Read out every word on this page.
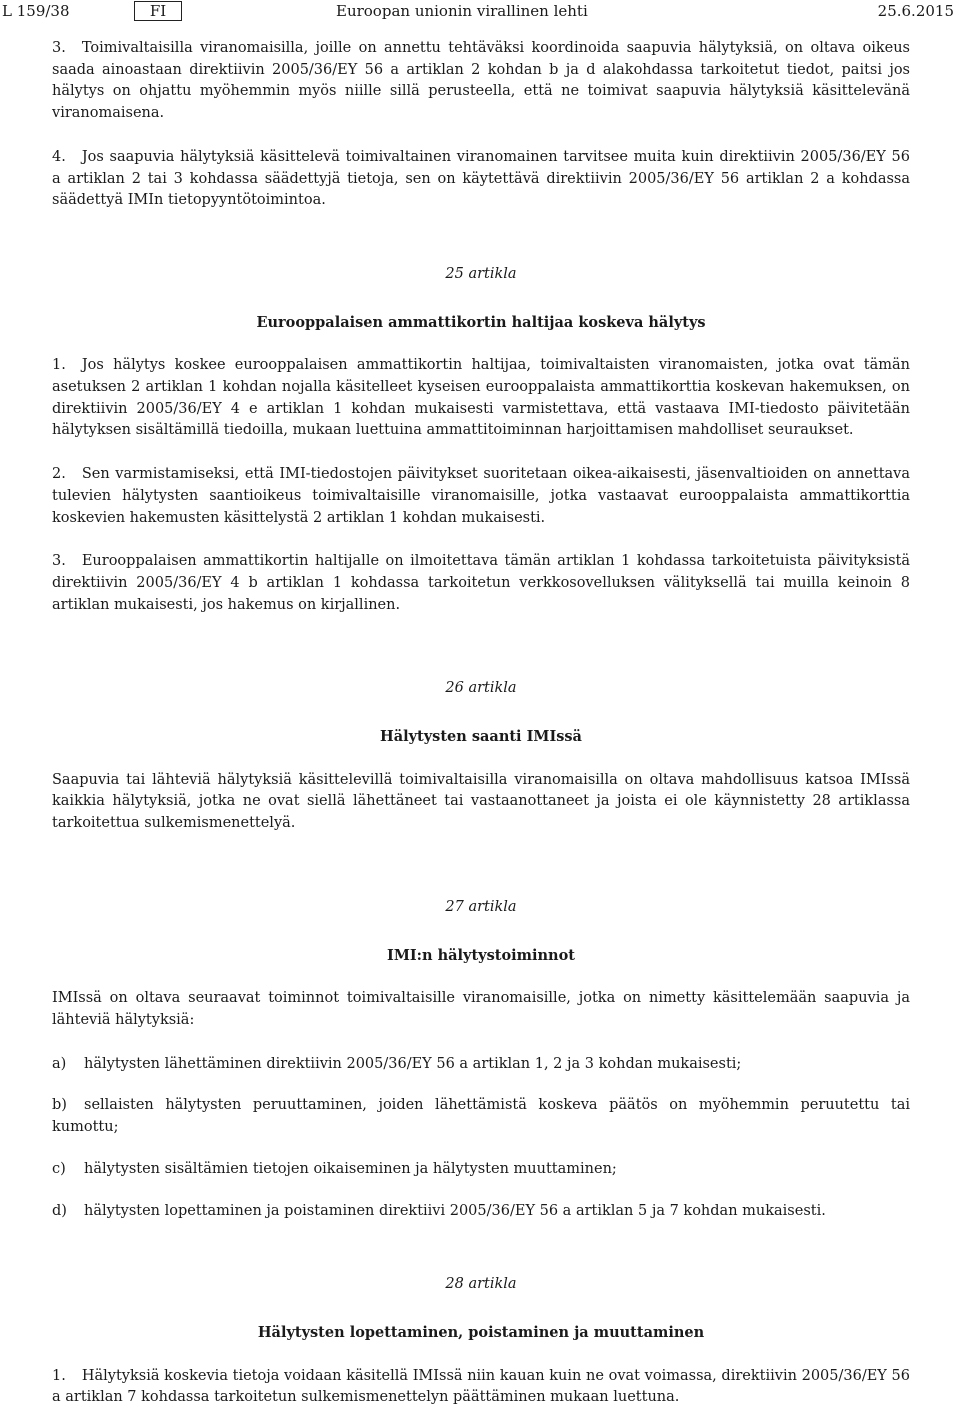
L 159/38	FI	Euroopan unionin virallinen lehti	25.6.2015

3. Toimivaltaisilla viranomaisilla, joille on annettu tehtäväksi koordinoida saapuvia hälytyksiä, on oltava oikeus saada ainoastaan direktiivin 2005/36/EY 56 a artiklan 2 kohdan b ja d alakohdassa tarkoitetut tiedot, paitsi jos hälytys on ohjattu myöhemmin myös niille sillä perusteella, että ne toimivat saapuvia hälytyksiä käsittelevänä viranomaisena.

4. Jos saapuvia hälytyksiä käsittelevä toimivaltainen viranomainen tarvitsee muita kuin direktiivin 2005/36/EY 56 a artiklan 2 tai 3 kohdassa säädettyjä tietoja, sen on käytettävä direktiivin 2005/36/EY 56 artiklan 2 a kohdassa säädettyä IMIn tietopyyntötoimintoa.

25 artikla

Eurooppalaisen ammattikortin haltijaa koskeva hälytys

1. Jos hälytys koskee eurooppalaisen ammattikortin haltijaa, toimivaltaisten viranomaisten, jotka ovat tämän asetuksen 2 artiklan 1 kohdan nojalla käsitelleet kyseisen eurooppalaista ammattikorttia koskevan hakemuksen, on direktiivin 2005/36/EY 4 e artiklan 1 kohdan mukaisesti varmistettava, että vastaava IMI-tiedosto päivitetään hälytyksen sisältämillä tiedoilla, mukaan luettuina ammattitoiminnan harjoittamisen mahdolliset seuraukset.

2. Sen varmistamiseksi, että IMI-tiedostojen päivitykset suoritetaan oikea-aikaisesti, jäsenvaltioiden on annettava tulevien hälytysten saantioikeus toimivaltaisille viranomaisille, jotka vastaavat eurooppalaista ammattikorttia koskevien hakemusten käsittelystä 2 artiklan 1 kohdan mukaisesti.

3. Eurooppalaisen ammattikortin haltijalle on ilmoitettava tämän artiklan 1 kohdassa tarkoitetuista päivityksistä direktiivin 2005/36/EY 4 b artiklan 1 kohdassa tarkoitetun verkkosovelluksen välityksellä tai muilla keinoin 8 artiklan mukaisesti, jos hakemus on kirjallinen.

26 artikla

Hälytysten saanti IMIssä

Saapuvia tai lähteviä hälytyksiä käsittelevillä toimivaltaisilla viranomaisilla on oltava mahdollisuus katsoa IMIssä kaikkia hälytyksiä, jotka ne ovat siellä lähettäneet tai vastaanottaneet ja joista ei ole käynnistetty 28 artiklassa tarkoitettua sulkemismenettelyä.

27 artikla

IMI:n hälytystoiminnot

IMIssä on oltava seuraavat toiminnot toimivaltaisille viranomaisille, jotka on nimetty käsittelemään saapuvia ja lähteviä hälytyksiä:

a) hälytysten lähettäminen direktiivin 2005/36/EY 56 a artiklan 1, 2 ja 3 kohdan mukaisesti;

b) sellaisten hälytysten peruuttaminen, joiden lähettämistä koskeva päätös on myöhemmin peruutettu tai kumottu;

c) hälytysten sisältämien tietojen oikaiseminen ja hälytysten muuttaminen;

d) hälytysten lopettaminen ja poistaminen direktiivi 2005/36/EY 56 a artiklan 5 ja 7 kohdan mukaisesti.

28 artikla

Hälytysten lopettaminen, poistaminen ja muuttaminen

1. Hälytyksiä koskevia tietoja voidaan käsitellä IMIssä niin kauan kuin ne ovat voimassa, direktiivin 2005/36/EY 56 a artiklan 7 kohdassa tarkoitetun sulkemismenettelyn päättäminen mukaan luettuna.
